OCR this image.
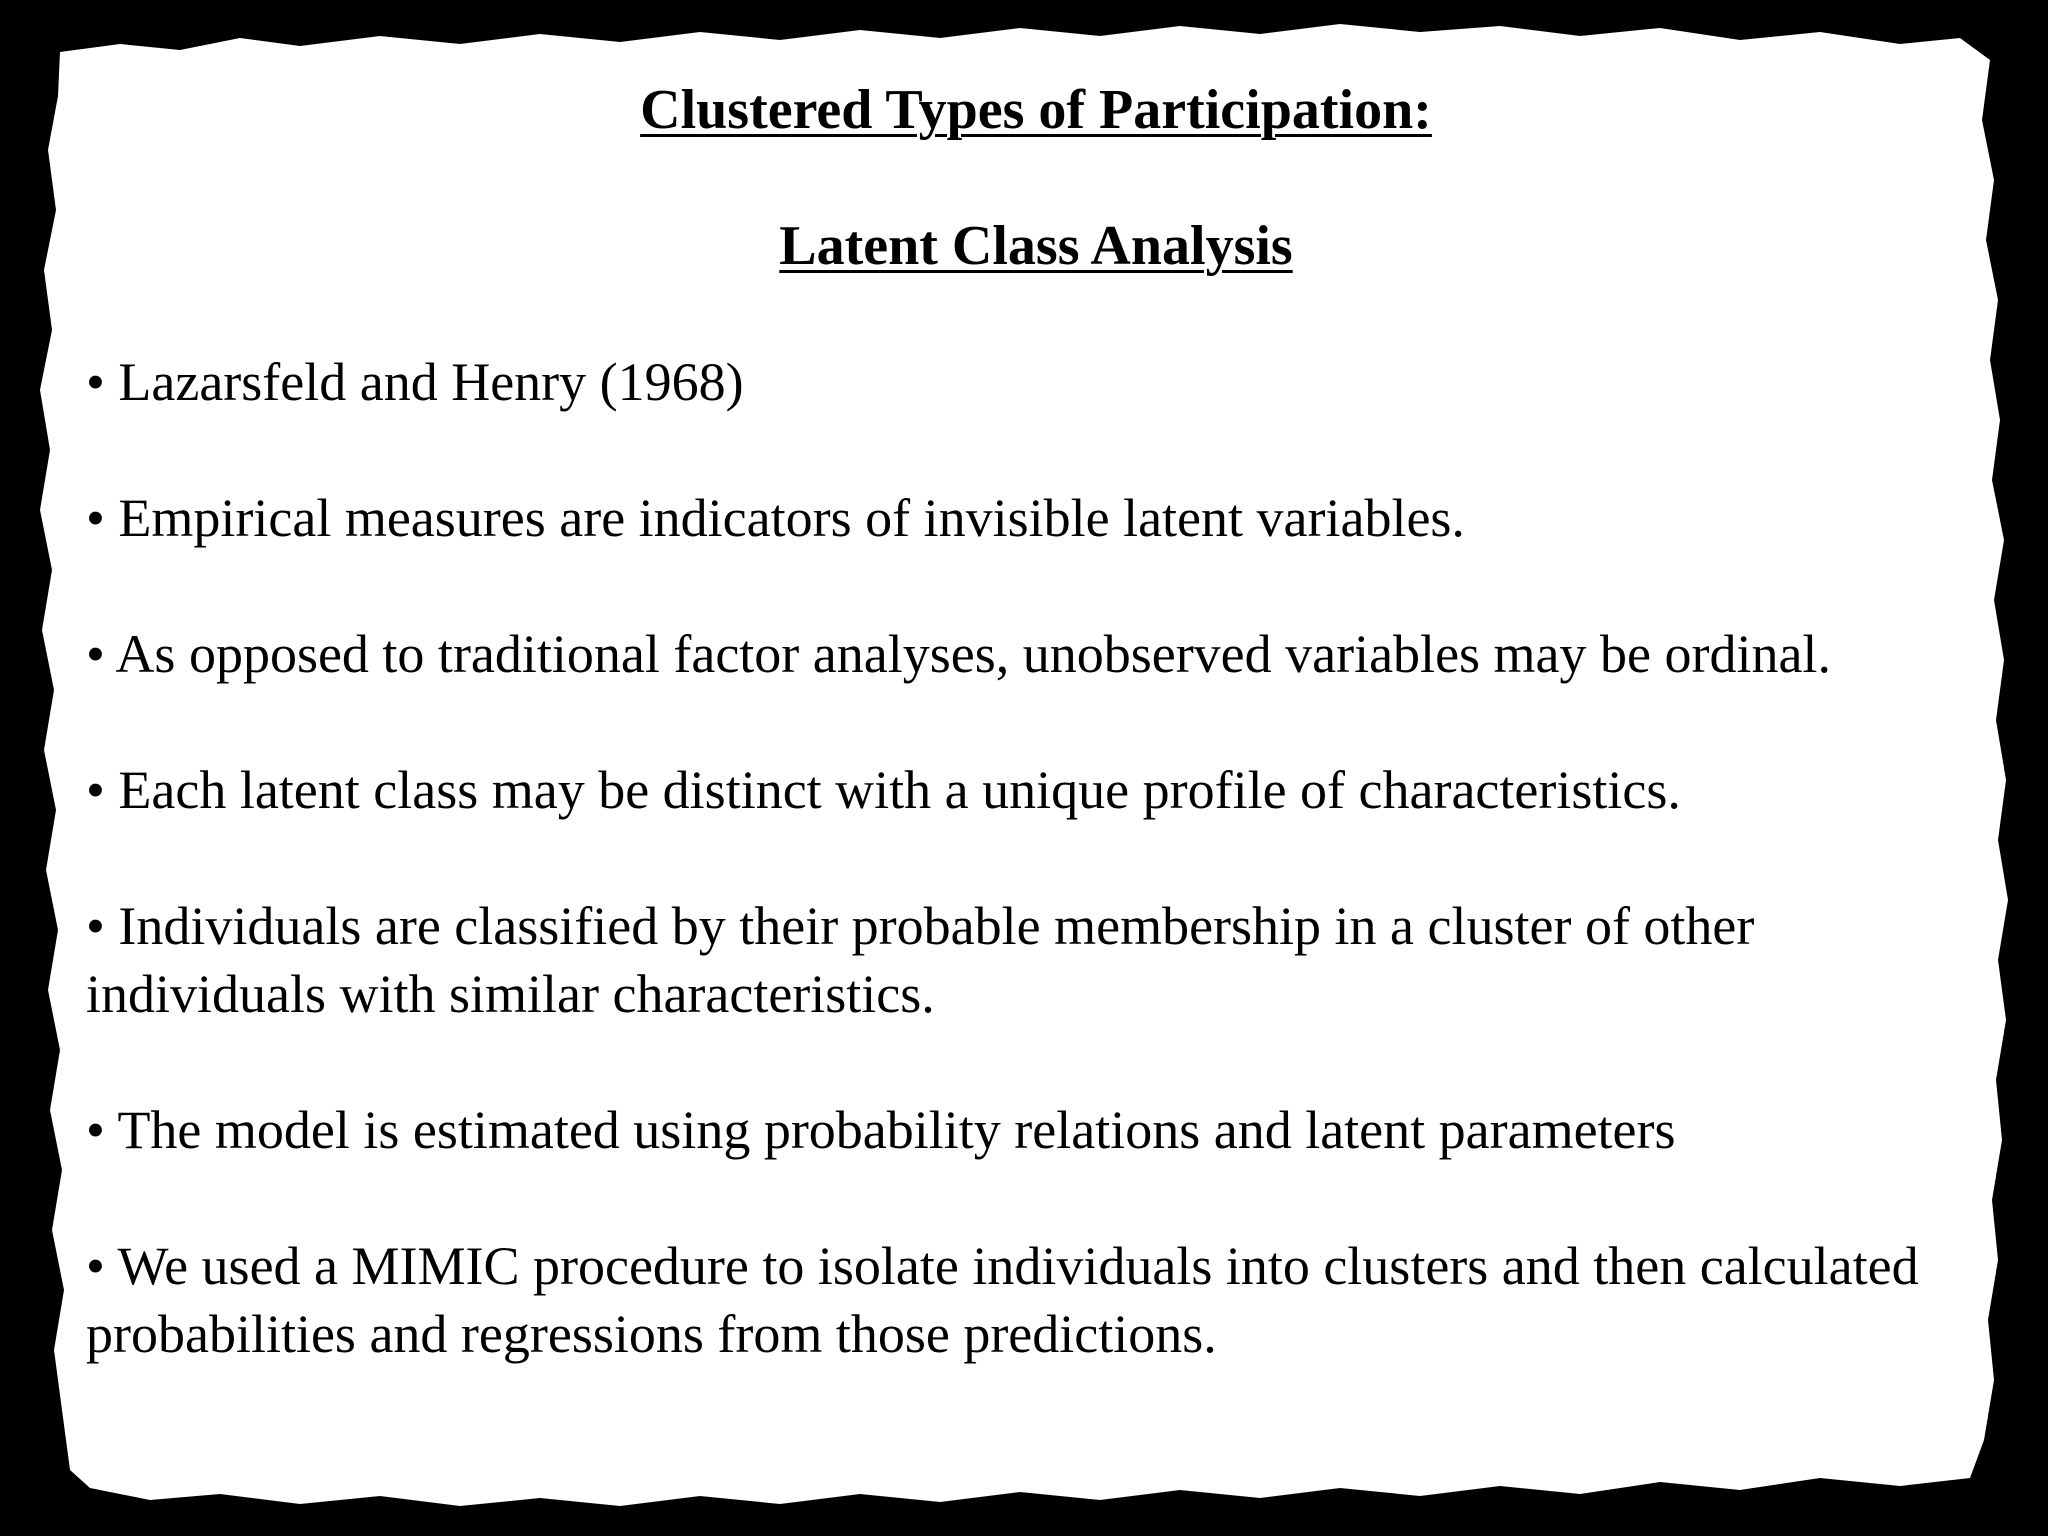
Clustered Types of Participation:
Latent Class Analysis
• Lazarsfeld and Henry (1968)
• Empirical measures are indicators of invisible latent variables.
• As opposed to traditional factor analyses, unobserved variables may be ordinal.
• Each latent class may be distinct with a unique profile of characteristics.
• Individuals are classified by their probable membership in a cluster of other individuals with similar characteristics.
• The model is estimated using probability relations and latent parameters
• We used a MIMIC procedure to isolate individuals into clusters and then calculated probabilities and regressions from those predictions.
